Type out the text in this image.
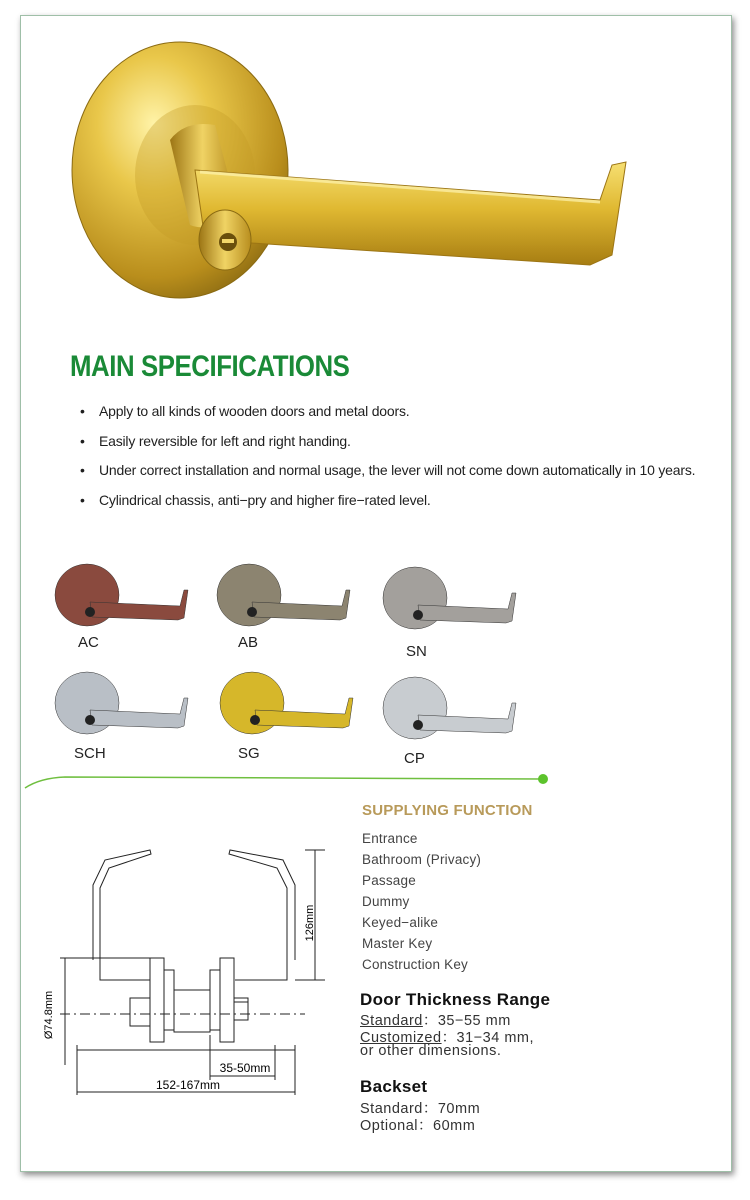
MAIN SPECIFICATIONS
• Apply to all kinds of wooden doors and metal doors.
• Easily reversible for left and right handing.
• Under correct installation and normal usage, the lever will not come down automatically in 10 years.
• Cylindrical chassis, anti−pry and higher fire−rated level.
AC	AB
SN
SCH	SG	CP
SUPPLYING FUNCTION
Entrance
Bathroom (Privacy)
Passage
Dummy
Keyed−alike
Master Key
Construction Key
Ø74.8mm
126mm
35-50mm
152-167mm
Door Thickness Range
Standard：35−55 mm
Customized：31−34 mm,
or other dimensions.
Backset
Standard：70mm
Optional：60mm
